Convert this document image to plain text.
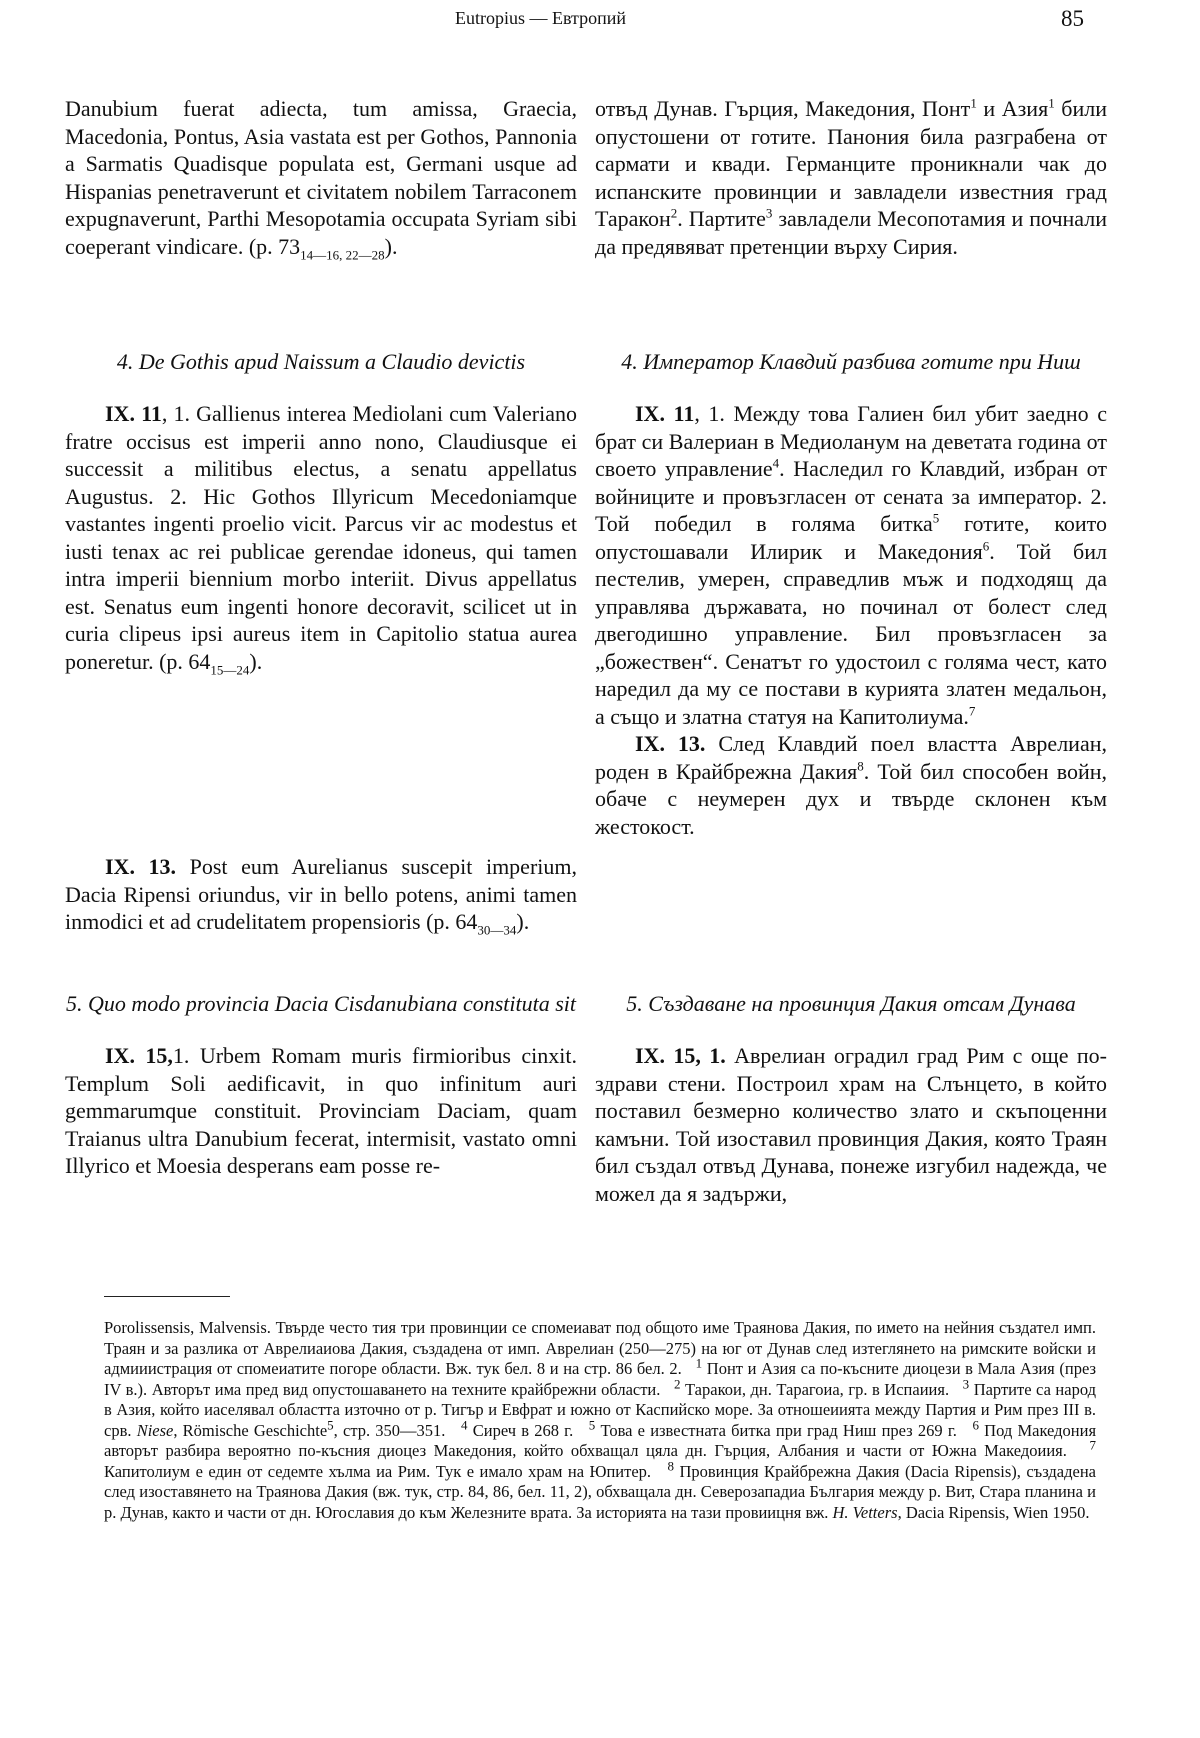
Eutropius — Евтропий	85

Danubium fuerat adiecta, tum amissa, Graecia, Macedonia, Pontus, Asia vastata est per Gothos, Pannonia a Sarmatis Quadisque populata est, Germani usque ad Hispanias penetraverunt et civitatem nobilem Tarraconem expugnaverunt, Parthi Mesopotamia occupata Syriam sibi coeperant vindicare. (p. $73_{14—16, 22—28}$).

4. De Gothis apud Naissum a Claudio devictis

IX. 11, 1. Gallienus interea Mediolani cum Valeriano fratre occisus est imperii anno nono, Claudiusque ei successit a militibus electus, a senatu appellatus Augustus. 2. Hic Gothos Illyricum Mecedoniamque vastantes ingenti proelio vicit. Parcus vir ac modestus et iusti tenax ac rei publicae gerendae idoneus, qui tamen intra imperii biennium morbo interiit. Divus appellatus est. Senatus eum ingenti honore decoravit, scilicet ut in curia clipeus ipsi aureus item in Capitolio statua aurea poneretur. (p. $64_{15—24}$).

IX. 13. Post eum Aurelianus suscepit imperium, Dacia Ripensi oriundus, vir in bello potens, animi tamen inmodici et ad crudelitatem propensioris (p. $64_{30—34}$).

5. Quo modo provincia Dacia Cisdanubiana constituta sit

IX. 15,1. Urbem Romam muris firmioribus cinxit. Templum Soli aedificavit, in quo infinitum auri gemmarumque constituit. Provinciam Daciam, quam Traianus ultra Danubium fecerat, intermisit, vastato omni Illyrico et Moesia desperans eam posse re-

отвъд Дунав. Гърция, Македония, Понт$^1$ и Азия$^1$ били опустошени от готите. Панония била разграбена от сармати и квади. Германците проникнали чак до испанските провинции и завладели известния град Таракон$^2$. Партите$^3$ завладели Месопотамия и почнали да предявяват претенции върху Сирия.

4. Император Клавдий разбива готите при Ниш

IX. 11, 1. Между това Галиен бил убит заедно с брат си Валериан в Медиоланум на деветата година от своето управление$^4$. Наследил го Клавдий, избран от войниците и провъзгласен от сената за император. 2. Той победил в голяма битка$^5$ готите, които опустошавали Илирик и Македония$^6$. Той бил пестелив, умерен, справедлив мъж и подходящ да управлява държавата, но починал от болест след двегодишно управление. Бил провъзгласен за „божествен“. Сенатът го удостоил с голяма чест, като наредил да му се постави в курията златен медальон, а също и златна статуя на Капитолиума.$^7$

IX. 13. След Клавдий поел властта Аврелиан, роден в Крайбрежна Дакия$^8$. Той бил способен войн, обаче с неумерен дух и твърде склонен към жестокост.

5. Създаване на провинция Дакия отсам Дунава

IX. 15, 1. Аврелиан оградил град Рим с още по-здрави стени. Построил храм на Слънцето, в който поставил безмерно количество злато и скъпоценни камъни. Той изоставил провинция Дакия, която Траян бил създал отвъд Дунава, понеже изгубил надежда, че можел да я задържи,

Porolissensis, Malvensis. Твърде често тия три провинции се спомеиават под общото име Траянова Дакия, по името на нейния създател имп. Траян и за разлика от Аврелиаиова Дакия, създадена от имп. Аврелиан (250—275) на юг от Дунав след изтеглянето на римските войски и адмииистрация от спомеиатите погоре области. Вж. тук бел. 8 и на стр. 86 бел. 2. $^1$ Понт и Азия са по-късните диоцези в Мала Азия (през IV в.). Авторът има пред вид опустошаването на техните крайбрежни области. $^2$ Таракои, дн. Тарагоиа, гр. в Испаиия. $^3$ Партите са народ в Азия, който иаселявал областта източно от р. Тигър и Евфрат и южно от Каспийско море. За отношеиията между Партия и Рим през III в. срв. Niese, Römische Geschichte$^5$, стр. 350—351. $^4$ Сиреч в 268 г. $^5$ Това е известната битка при град Ниш през 269 г. $^6$ Под Македония авторът разбира вероятно по-късния диоцез Македония, който обхващал цяла дн. Гърция, Албания и части от Южна Македоиия. $^7$ Капитолиум е един от седемте хълма иа Рим. Тук е имало храм на Юпитер. $^8$ Провинция Крайбрежна Дакия (Dacia Ripensis), създадена след изоставянето на Траянова Дакия (вж. тук, стр. 84, 86, бел. 11, 2), обхващала дн. Северозападиа България между р. Вит, Стара планина и р. Дунав, както и части от дн. Югославия до към Железните врата. За историята на тази провиицня вж. H. Vetters, Dacia Ripensis, Wien 1950.
